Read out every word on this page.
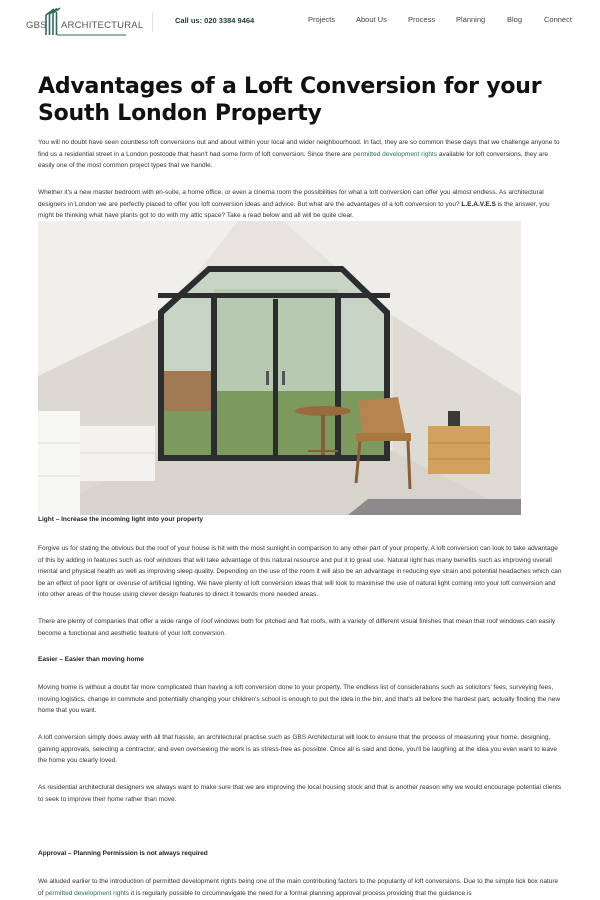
GBS ARCHITECTURAL	Call us: 020 3384 9464	Projects	About Us	Process	Planning	Blog	Connect
Advantages of a Loft Conversion for your South London Property

You will no doubt have seen countless loft conversions out and about within your local and wider neighbourhood. In fact, they are so common these days that we challenge anyone to find us a residential street in a London postcode that hasn't had some form of loft conversion. Since there are permitted development rights available for loft conversions, they are easily one of the most common project types that we handle.

Whether it's a new master bedroom with en-suite, a home office, or even a cinema room the possibilities for what a loft conversion can offer you almost endless. As architectural designers in London we are perfectly placed to offer you loft conversion ideas and advice. But what are the advantages of a loft conversion to you? L.E.A.V.E.S is the answer, you might be thinking what have plants got to do with my attic space? Take a read below and all will be quite clear.

Light – Increase the incoming light into your property

Forgive us for stating the obvious but the roof of your house is hit with the most sunlight in comparison to any other part of your property. A loft conversion can look to take advantage of this by adding in features such as roof windows that will take advantage of this natural resource and put it to great use. Natural light has many benefits such as improving overall mental and physical health as well as improving sleep quality. Depending on the use of the room it will also be an advantage in reducing eye strain and potential headaches which can be an effect of poor light or overuse of artificial lighting. We have plenty of loft conversion ideas that will look to maximise the use of natural light coming into your loft conversion and into other areas of the house using clever design features to direct it towards more needed areas.

There are plenty of companies that offer a wide range of roof windows both for pitched and flat roofs, with a variety of different visual finishes that mean that roof windows can easily become a functional and aesthetic feature of your loft conversion.

Easier – Easier than moving home

Moving home is without a doubt far more complicated than having a loft conversion done to your property. The endless list of considerations such as solicitors' fees, surveying fees, moving logistics, change in commute and potentially changing your children's school is enough to put the idea in the bin, and that's all before the hardest part, actually finding the new home that you want.

A loft conversion simply does away with all that hassle, an architectural practise such as GBS Architectural will look to ensure that the process of measuring your home, designing, gaining approvals, selecting a contractor, and even overseeing the work is as stress-free as possible. Once all is said and done, you'll be laughing at the idea you even want to leave the home you clearly loved.

As residential architectural designers we always want to make sure that we are improving the local housing stock and that is another reason why we would encourage potential clients to seek to improve their home rather than move.

Approval – Planning Permission is not always required

We alluded earlier to the introduction of permitted development rights being one of the main contributing factors to the popularity of loft conversions. Due to the simple tick box nature of permitted development rights it is regularly possible to circumnavigate the need for a formal planning approval process providing that the guidance is
